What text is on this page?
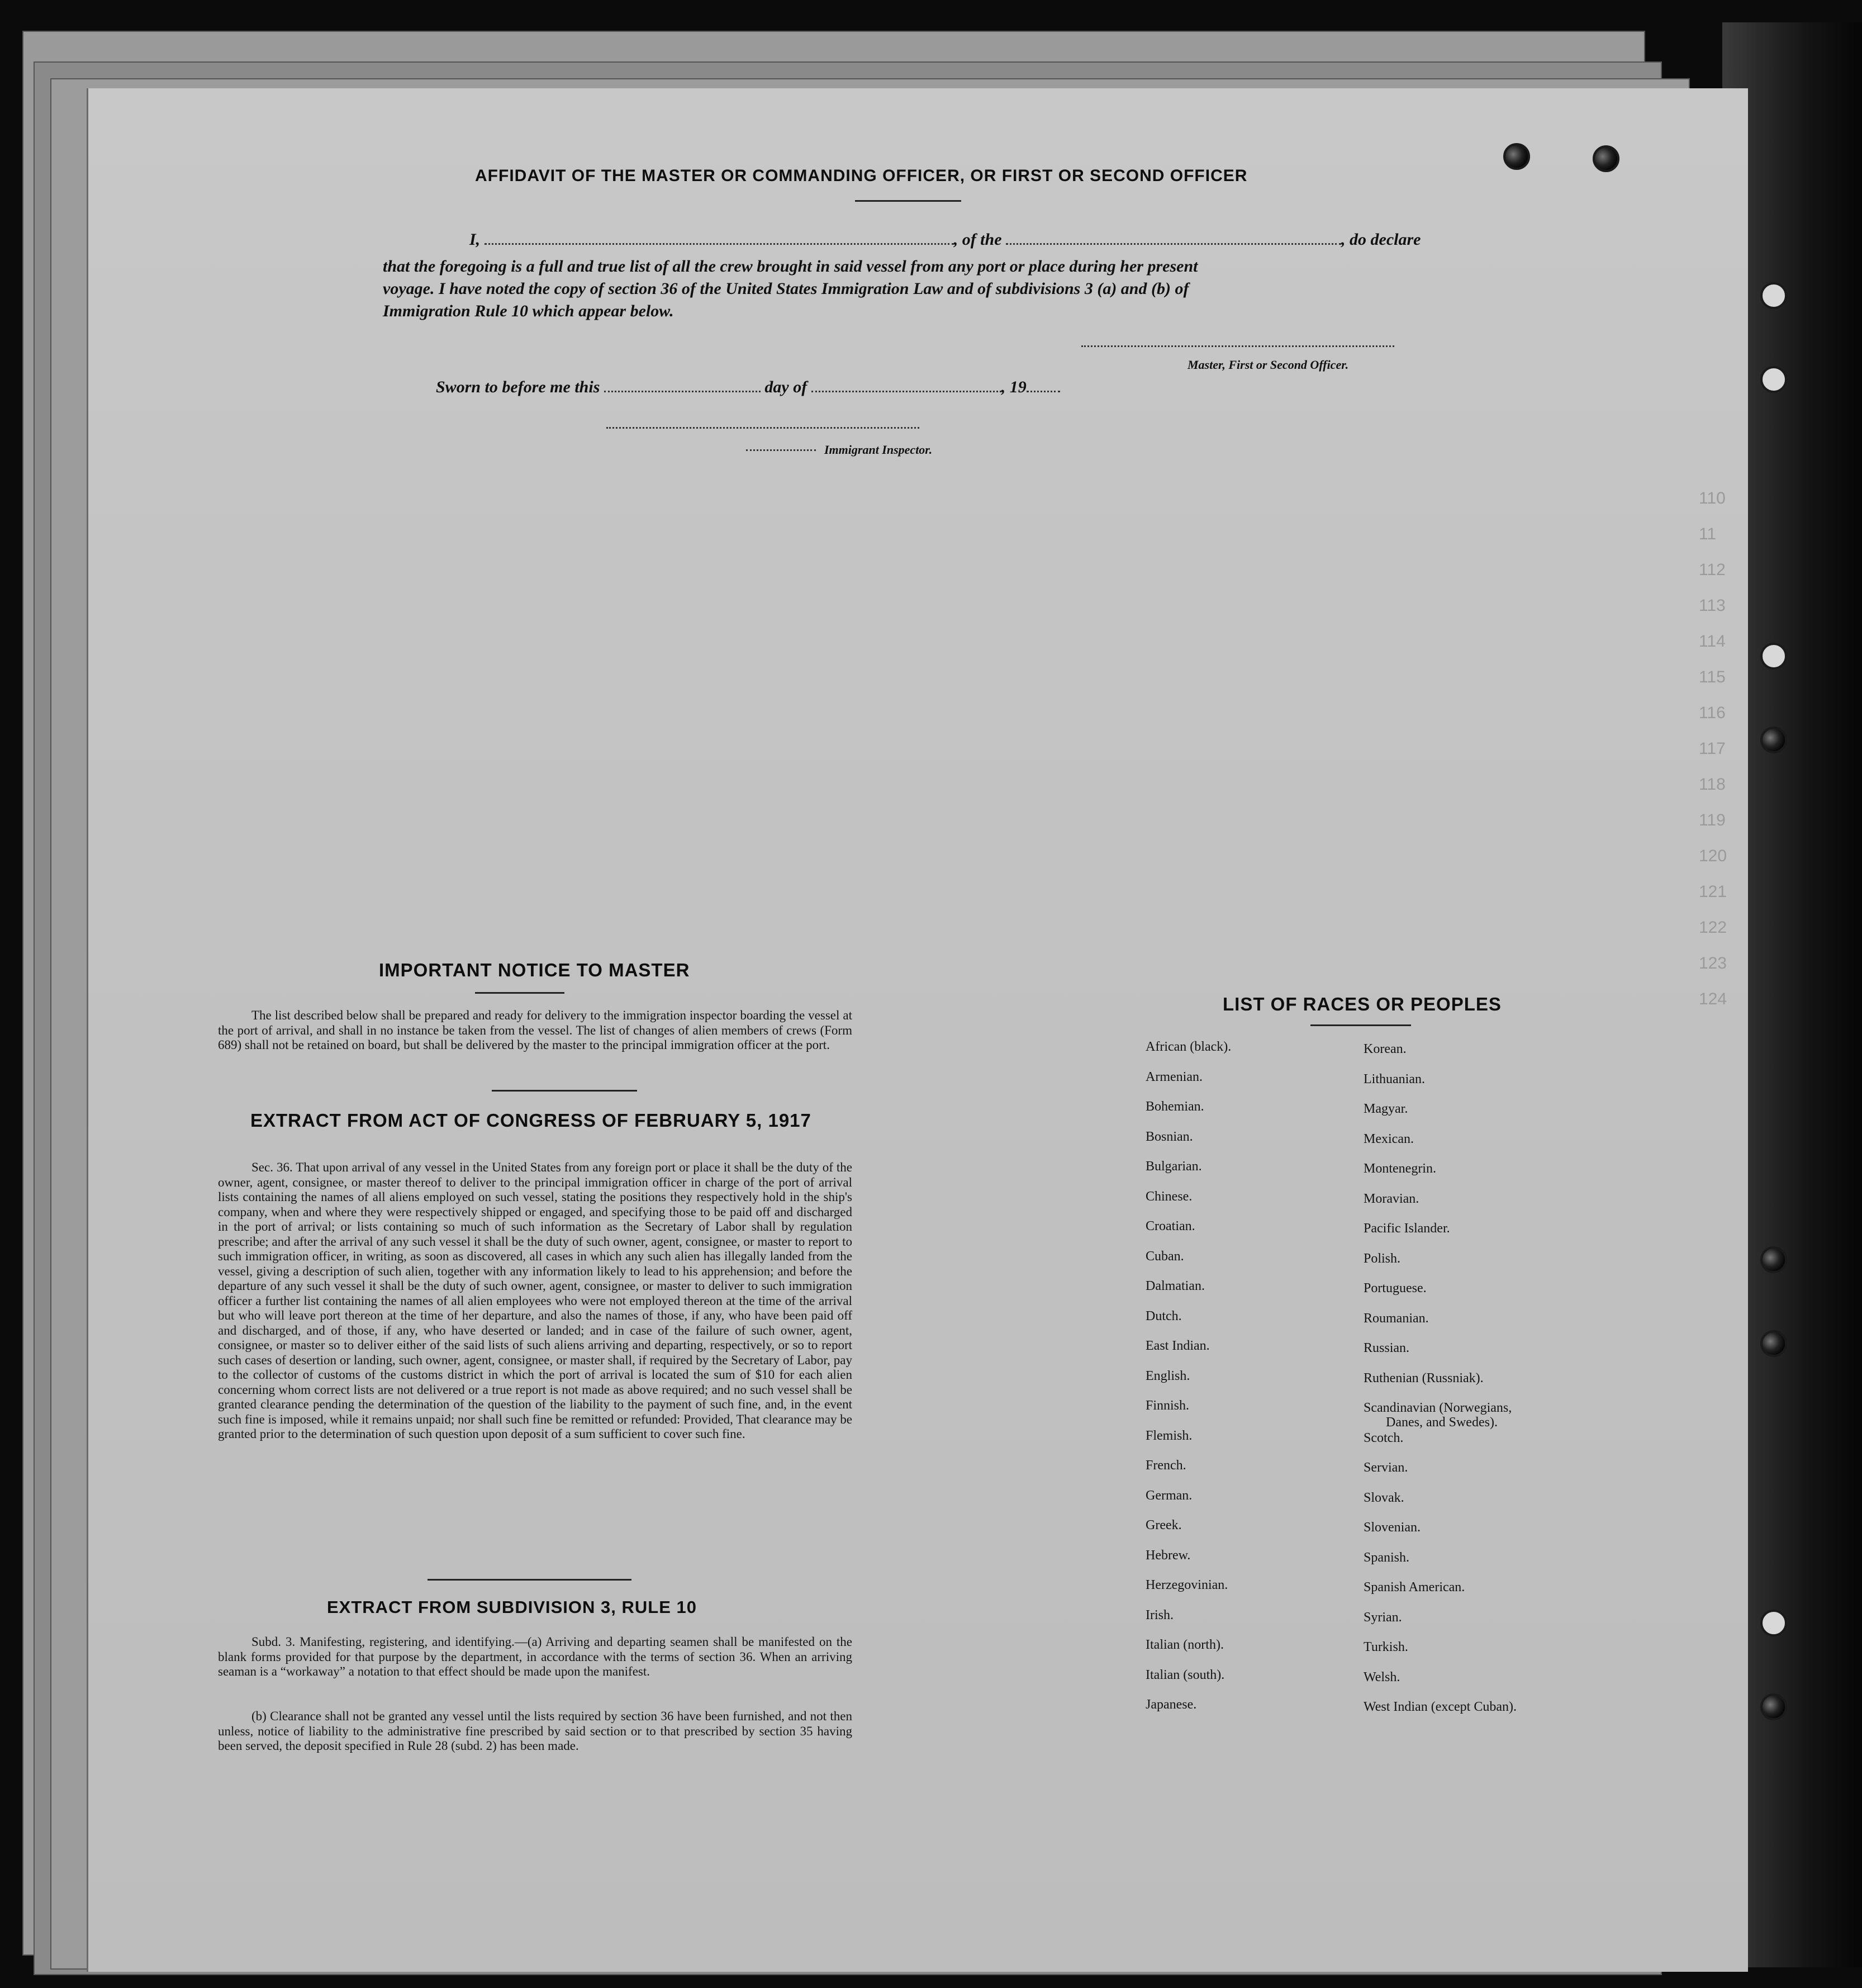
AFFIDAVIT OF THE MASTER OR COMMANDING OFFICER, OR FIRST OR SECOND OFFICER
I,	, of the	, do declare
that the foregoing is a full and true list of all the crew brought in said vessel from any port or place during her present
voyage. I have noted the copy of section 36 of the United States Immigration Law and of subdivisions 3 (a) and (b) of
Immigration Rule 10 which appear below.
Master, First or Second Officer.
Sworn to before me this	day of	, 19
Immigrant Inspector.
110
11
112
113
114
115
116
117
118
119
120
121
122
123
124
IMPORTANT NOTICE TO MASTER
The list described below shall be prepared and ready for delivery to the immigration inspector boarding the vessel at the port of arrival, and shall in no instance be taken from the vessel. The list of changes of alien members of crews (Form 689) shall not be retained on board, but shall be delivered by the master to the principal immigration officer at the port.
EXTRACT FROM ACT OF CONGRESS OF FEBRUARY 5, 1917
Sec. 36. That upon arrival of any vessel in the United States from any foreign port or place it shall be the duty of the owner, agent, consignee, or master thereof to deliver to the principal immigration officer in charge of the port of arrival lists containing the names of all aliens employed on such vessel, stating the positions they respectively hold in the ship's company, when and where they were respectively shipped or engaged, and specifying those to be paid off and discharged in the port of arrival; or lists containing so much of such information as the Secretary of Labor shall by regulation prescribe; and after the arrival of any such vessel it shall be the duty of such owner, agent, consignee, or master to report to such immigration officer, in writing, as soon as discovered, all cases in which any such alien has illegally landed from the vessel, giving a description of such alien, together with any information likely to lead to his apprehension; and before the departure of any such vessel it shall be the duty of such owner, agent, consignee, or master to deliver to such immigration officer a further list containing the names of all alien employees who were not employed thereon at the time of the arrival but who will leave port thereon at the time of her departure, and also the names of those, if any, who have been paid off and discharged, and of those, if any, who have deserted or landed; and in case of the failure of such owner, agent, consignee, or master so to deliver either of the said lists of such aliens arriving and departing, respectively, or so to report such cases of desertion or landing, such owner, agent, consignee, or master shall, if required by the Secretary of Labor, pay to the collector of customs of the customs district in which the port of arrival is located the sum of $10 for each alien concerning whom correct lists are not delivered or a true report is not made as above required; and no such vessel shall be granted clearance pending the determination of the question of the liability to the payment of such fine, and, in the event such fine is imposed, while it remains unpaid; nor shall such fine be remitted or refunded: Provided, That clearance may be granted prior to the determination of such question upon deposit of a sum sufficient to cover such fine.
EXTRACT FROM SUBDIVISION 3, RULE 10
Subd. 3. Manifesting, registering, and identifying.—(a) Arriving and departing seamen shall be manifested on the blank forms provided for that purpose by the department, in accordance with the terms of section 36. When an arriving seaman is a “workaway” a notation to that effect should be made upon the manifest.
(b) Clearance shall not be granted any vessel until the lists required by section 36 have been furnished, and not then unless, notice of liability to the administrative fine prescribed by said section or to that prescribed by section 35 having been served, the deposit specified in Rule 28 (subd. 2) has been made.
LIST OF RACES OR PEOPLES
African (black).
Armenian.
Bohemian.
Bosnian.
Bulgarian.
Chinese.
Croatian.
Cuban.
Dalmatian.
Dutch.
East Indian.
English.
Finnish.
Flemish.
French.
German.
Greek.
Hebrew.
Herzegovinian.
Irish.
Italian (north).
Italian (south).
Japanese.
Korean.
Lithuanian.
Magyar.
Mexican.
Montenegrin.
Moravian.
Pacific Islander.
Polish.
Portuguese.
Roumanian.
Russian.
Ruthenian (Russniak).
Scandinavian (Norwegians,
Danes, and Swedes).
Scotch.
Servian.
Slovak.
Slovenian.
Spanish.
Spanish American.
Syrian.
Turkish.
Welsh.
West Indian (except Cuban).
